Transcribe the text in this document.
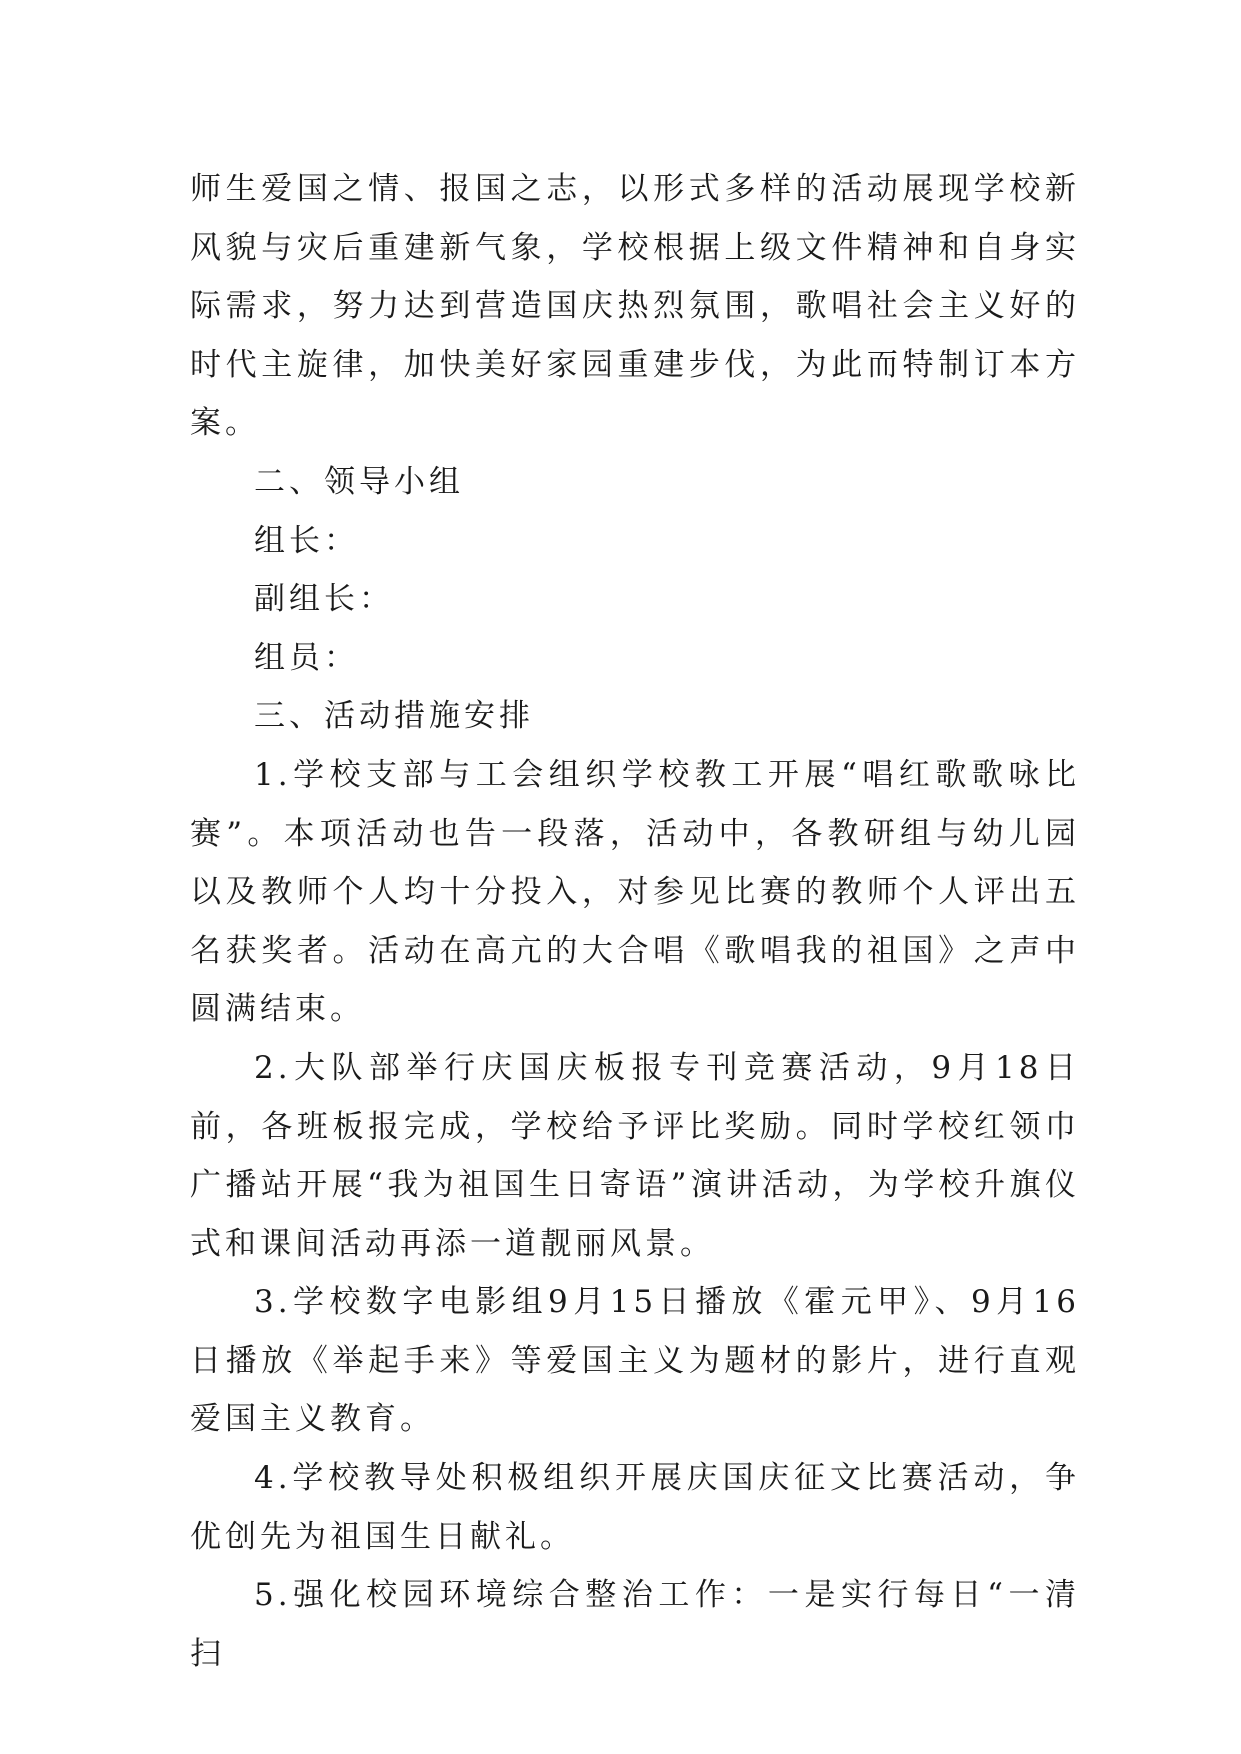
师生爱国之情、报国之志，以形式多样的活动展现学校新风貌与灾后重建新气象，学校根据上级文件精神和自身实际需求，努力达到营造国庆热烈氛围，歌唱社会主义好的时代主旋律，加快美好家园重建步伐，为此而特制订本方案。

二、领导小组

组长：

副组长：

组员：

三、活动措施安排

1.学校支部与工会组织学校教工开展“唱红歌歌咏比赛”。本项活动也告一段落，活动中，各教研组与幼儿园以及教师个人均十分投入，对参见比赛的教师个人评出五名获奖者。活动在高亢的大合唱《歌唱我的祖国》之声中圆满结束。

2.大队部举行庆国庆板报专刊竞赛活动，9月18日前，各班板报完成，学校给予评比奖励。同时学校红领巾广播站开展“我为祖国生日寄语”演讲活动，为学校升旗仪式和课间活动再添一道靓丽风景。

3.学校数字电影组9月15日播放《霍元甲》、9月16日播放《举起手来》等爱国主义为题材的影片，进行直观爱国主义教育。

4.学校教导处积极组织开展庆国庆征文比赛活动，争优创先为祖国生日献礼。

5.强化校园环境综合整治工作：一是实行每日“一清扫
